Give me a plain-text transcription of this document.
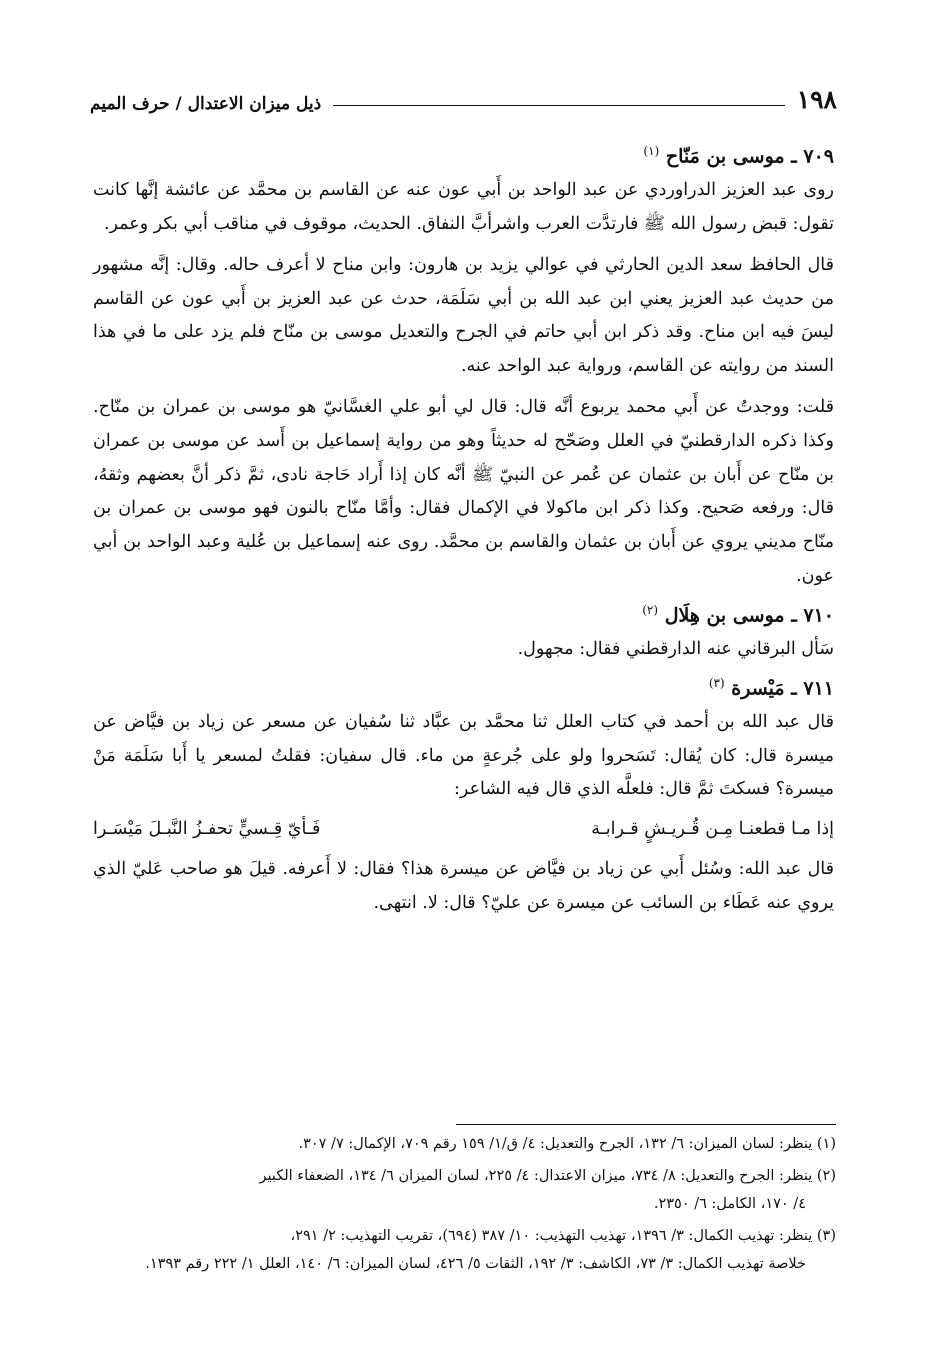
١٩٨
ذيل ميزان الاعتدال / حرف الميم

٧٠٩ ـ موسى بن مَنّاح $^{(١)}$

روى عبد العزيز الدراوردي عن عبد الواحد بن أَبي عون عنه عن القاسم بن محمَّد عن عائشة إنَّها كانت تقول: قبض رسول الله ﷺ فارتدَّت العرب واشرأبَّ النفاق. الحديث، موقوف في مناقب أبي بكر وعمر.

قال الحافظ سعد الدين الحارثي في عوالي يزيد بن هارون: وابن مناح لا أعرف حاله. وقال: إنَّه مشهور من حديث عبد العزيز يعني ابن عبد الله بن أبي سَلَمَة، حدث عن عبد العزيز بن أَبي عون عن القاسم ليسَ فيه ابن مناح. وقد ذكر ابن أبي حاتم في الجرح والتعديل موسى بن منّاح فلم يزد على ما في هذا السند من روايته عن القاسم، ورواية عبد الواحد عنه.

قلت: ووجدتُ عن أَبي محمد يربوع أنَّه قال: قال لي أبو علي الغسَّانيّ هو موسى بن عمران بن منّاح. وكذا ذكره الدارقطنيّ في العلل وصَحّح له حديثاً وهو من رواية إسماعيل بن أَسد عن موسى بن عمران بن منّاح عن أَبان بن عثمان عن عُمر عن النبيّ ﷺ أنَّه كان إذا أَراد حَاجة نادى، ثمَّ ذكر أنَّ بعضهم وثقهُ، قال: ورفعه صَحيح. وكذا ذكر ابن ماكولا في الإكمال فقال: وأمَّا منّاح بالنون فهو موسى بن عمران بن منّاح مديني يروي عن أَبان بن عثمان والقاسم بن محمَّد. روى عنه إسماعيل بن عُلية وعبد الواحد بن أبي عون.

٧١٠ ـ موسى بن هِلَال $^{(٢)}$

سَأل البرقاني عنه الدارقطني فقال: مجهول.

٧١١ ـ مَيْسرة $^{(٣)}$

قال عبد الله بن أحمد في كتاب العلل ثنا محمَّد بن عبَّاد ثنا سُفيان عن مسعر عن زياد بن فيَّاض عن ميسرة قال: كان يُقال: تَسَحروا ولو على جُرعةٍ من ماء. قال سفيان: فقلتُ لمسعر يا أَبا سَلَمَة مَنْ ميسرة؟ فسكتَ ثمَّ قال: فلعلَّه الذي قال فيه الشاعر:

إذا مـا قطعنـا مِـن قُـريـشٍ قـرابـة
فَـأيّ قِـسيٍّ تحفـزُ النَّبـلَ مَيْسَـرا

قال عبد الله: وسُئل أَبي عن زياد بن فيَّاض عن ميسرة هذا؟ فقال: لا أَعرفه. قيلَ هو صاحب عَليّ الذي يروي عنه عَطَاء بن السائب عن ميسرة عن عليّ؟ قال: لا. انتهى.

(١) ينظر: لسان الميزان: ٦/ ١٣٢، الجرح والتعديل: ٤/ ق/١/ ١٥٩ رقم ٧٠٩، الإكمال: ٧/ ٣٠٧.

(٢) ينظر: الجرح والتعديل: ٨/ ٧٣٤، ميزان الاعتدال: ٤/ ٢٢٥، لسان الميزان ٦/ ١٣٤، الضعفاء الكبير
٤/ ١٧٠، الكامل: ٦/ ٢٣٥٠.
(٣) ينظر: تهذيب الكمال: ٣/ ١٣٩٦، تهذيب التهذيب: ١٠/ ٣٨٧ (٦٩٤)، تقريب التهذيب: ٢/ ٢٩١،
خلاصة تهذيب الكمال: ٣/ ٧٣، الكاشف: ٣/ ١٩٢، الثقات ٥/ ٤٢٦، لسان الميزان: ٦/ ١٤٠، العلل ١/ ٢٢٢ رقم ١٣٩٣.
